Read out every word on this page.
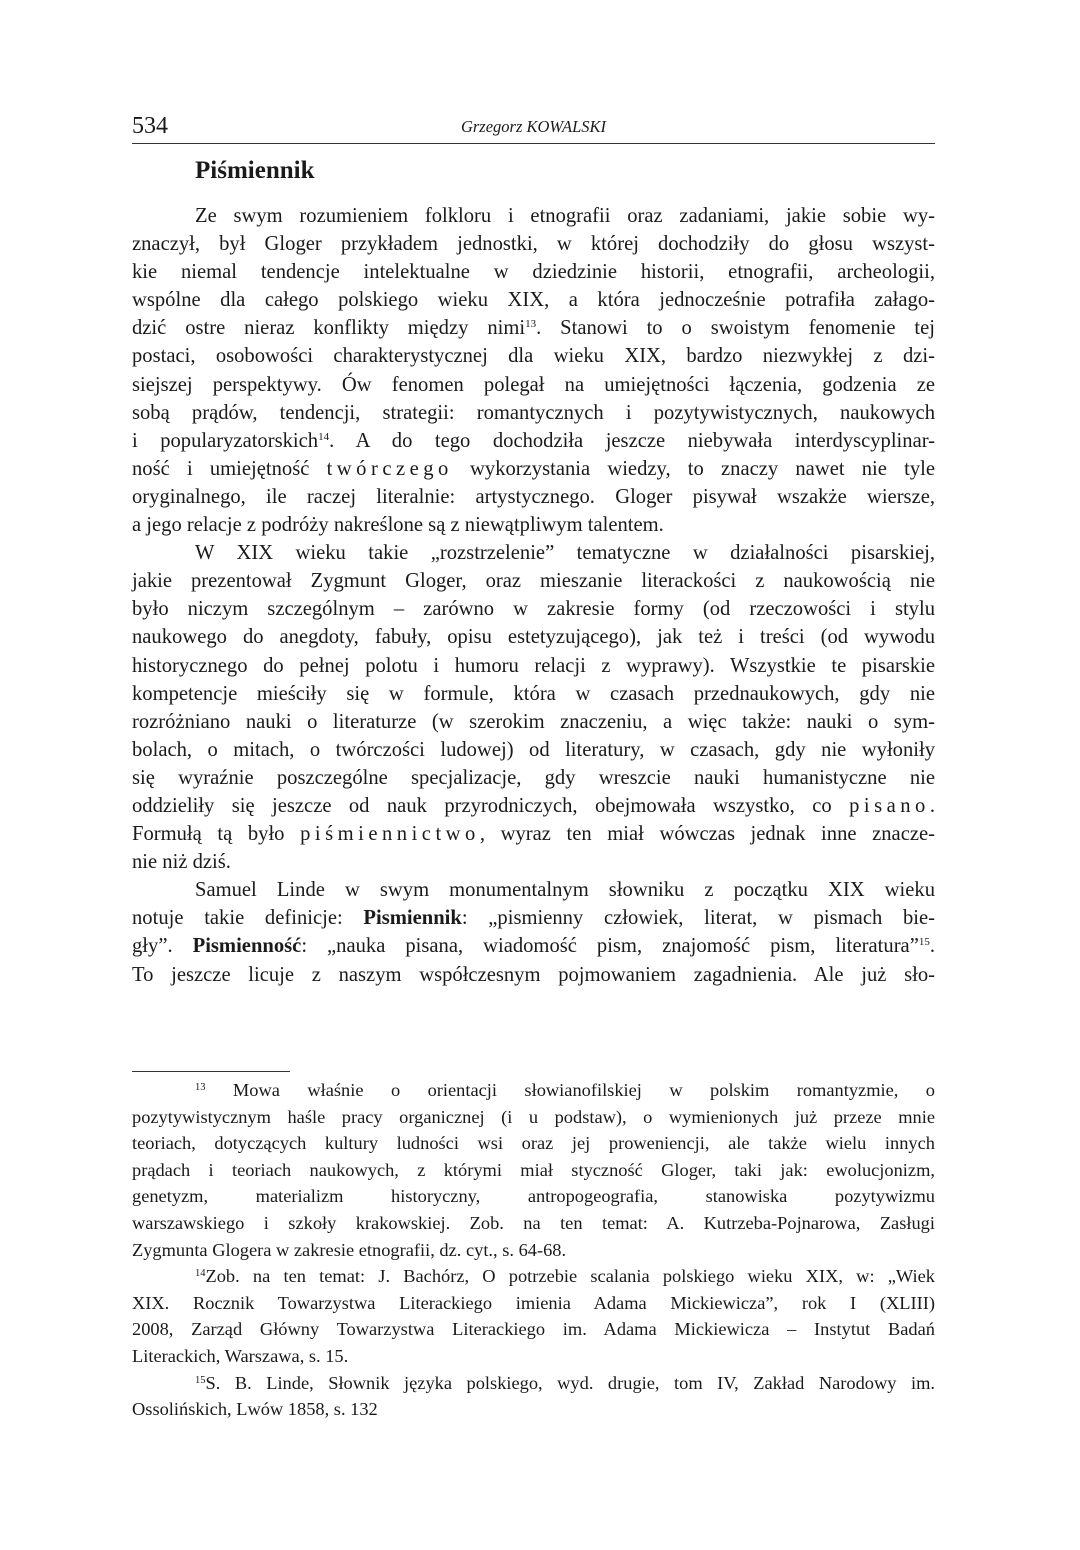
534	Grzegorz KOWALSKI
Piśmiennik
Ze swym rozumieniem folkloru i etnografii oraz zadaniami, jakie sobie wy-
znaczył, był Gloger przykładem jednostki, w której dochodziły do głosu wszyst-
kie niemal tendencje intelektualne w dziedzinie historii, etnografii, archeologii,
wspólne dla całego polskiego wieku XIX, a która jednocześnie potrafiła załago-
dzić ostre nieraz konflikty między nimi$^{13}$. Stanowi to o swoistym fenomenie tej
postaci, osobowości charakterystycznej dla wieku XIX, bardzo niezwykłej z dzi-
siejszej perspektywy. Ów fenomen polegał na umiejętności łączenia, godzenia ze
sobą prądów, tendencji, strategii: romantycznych i pozytywistycznych, naukowych
i popularyzatorskich$^{14}$. A do tego dochodziła jeszcze niebywała interdyscyplinar-
ność i umiejętność twórczego wykorzystania wiedzy, to znaczy nawet nie tyle
oryginalnego, ile raczej literalnie: artystycznego. Gloger pisywał wszakże wiersze,
a jego relacje z podróży nakreślone są z niewątpliwym talentem.
W XIX wieku takie „rozstrzelenie” tematyczne w działalności pisarskiej,
jakie prezentował Zygmunt Gloger, oraz mieszanie literackości z naukowością nie
było niczym szczególnym – zarówno w zakresie formy (od rzeczowości i stylu
naukowego do anegdoty, fabuły, opisu estetyzującego), jak też i treści (od wywodu
historycznego do pełnej polotu i humoru relacji z wyprawy). Wszystkie te pisarskie
kompetencje mieściły się w formule, która w czasach przednaukowych, gdy nie
rozróżniano nauki o literaturze (w szerokim znaczeniu, a więc także: nauki o sym-
bolach, o mitach, o twórczości ludowej) od literatury, w czasach, gdy nie wyłoniły
się wyraźnie poszczególne specjalizacje, gdy wreszcie nauki humanistyczne nie
oddzieliły się jeszcze od nauk przyrodniczych, obejmowała wszystko, co pisano.
Formułą tą było piśmiennictwo, wyraz ten miał wówczas jednak inne znacze-
nie niż dziś.
Samuel Linde w swym monumentalnym słowniku z początku XIX wieku
notuje takie definicje: Pismiennik: „pismienny człowiek, literat, w pismach bie-
gły”. Pismienność: „nauka pisana, wiadomość pism, znajomość pism, literatura”$^{15}$.
To jeszcze licuje z naszym współczesnym pojmowaniem zagadnienia. Ale już sło-
$^{13}$ Mowa właśnie o orientacji słowianofilskiej w polskim romantyzmie, o
pozytywistycznym haśle pracy organicznej (i u podstaw), o wymienionych już przeze mnie
teoriach, dotyczących kultury ludności wsi oraz jej proweniencji, ale także wielu innych
prądach i teoriach naukowych, z którymi miał styczność Gloger, taki jak: ewolucjonizm,
genetyzm, materializm historyczny, antropogeografia, stanowiska pozytywizmu
warszawskiego i szkoły krakowskiej. Zob. na ten temat: A. Kutrzeba-Pojnarowa, Zasługi
Zygmunta Glogera w zakresie etnografii, dz. cyt., s. 64-68.
$^{14}$Zob. na ten temat: J. Bachórz, O potrzebie scalania polskiego wieku XIX, w: „Wiek
XIX. Rocznik Towarzystwa Literackiego imienia Adama Mickiewicza”, rok I (XLIII)
2008, Zarząd Główny Towarzystwa Literackiego im. Adama Mickiewicza – Instytut Badań
Literackich, Warszawa, s. 15.
$^{15}$S. B. Linde, Słownik języka polskiego, wyd. drugie, tom IV, Zakład Narodowy im.
Ossolińskich, Lwów 1858, s. 132
